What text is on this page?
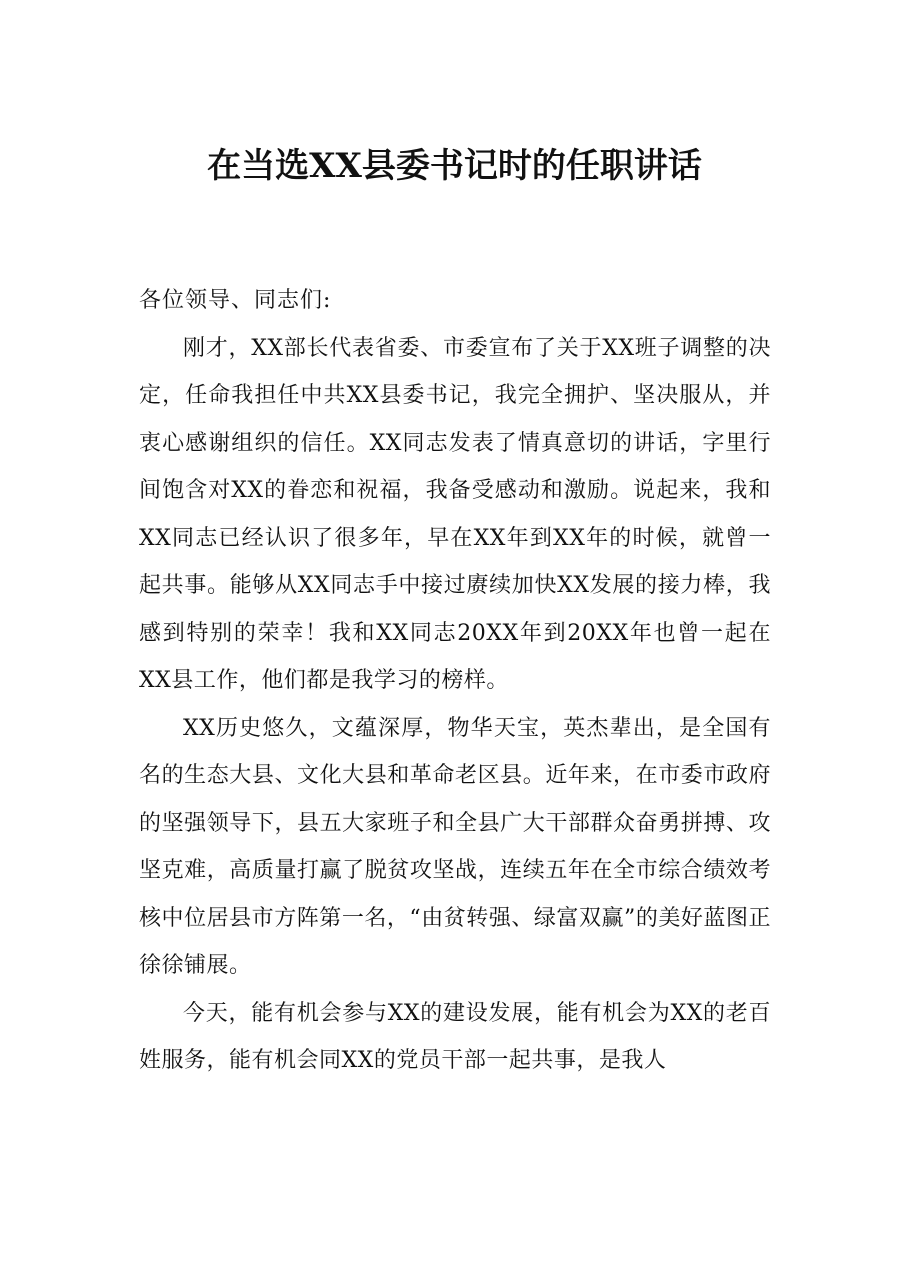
在当选XX县委书记时的任职讲话

各位领导、同志们:

刚才，XX部长代表省委、市委宣布了关于XX班子调整的决定，任命我担任中共XX县委书记，我完全拥护、坚决服从，并衷心感谢组织的信任。XX同志发表了情真意切的讲话，字里行间饱含对XX的眷恋和祝福，我备受感动和激励。说起来，我和XX同志已经认识了很多年，早在XX年到XX年的时候，就曾一起共事。能够从XX同志手中接过赓续加快XX发展的接力棒，我感到特别的荣幸！我和XX同志20XX年到20XX年也曾一起在XX县工作，他们都是我学习的榜样。

XX历史悠久，文蕴深厚，物华天宝，英杰辈出，是全国有名的生态大县、文化大县和革命老区县。近年来，在市委市政府的坚强领导下，县五大家班子和全县广大干部群众奋勇拼搏、攻坚克难，高质量打赢了脱贫攻坚战，连续五年在全市综合绩效考核中位居县市方阵第一名，“由贫转强、绿富双赢”的美好蓝图正徐徐铺展。

今天，能有机会参与XX的建设发展，能有机会为XX的老百姓服务，能有机会同XX的党员干部一起共事，是我人
